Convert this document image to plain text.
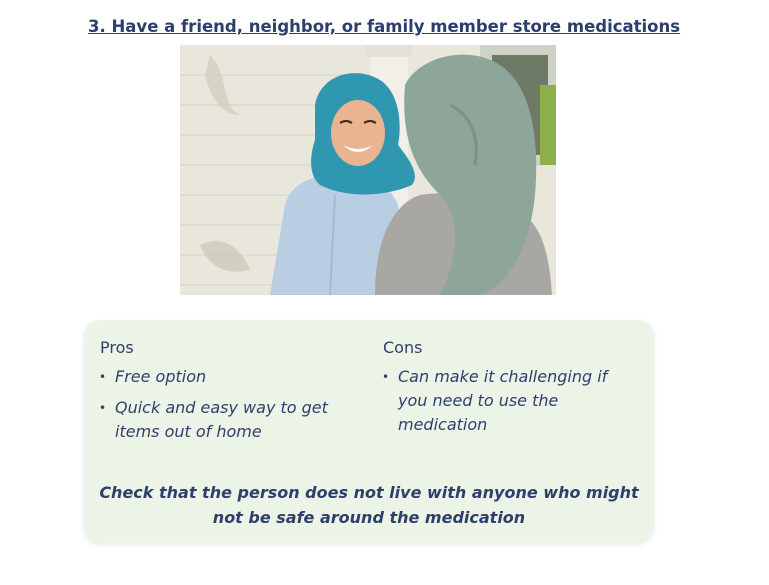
3. Have a friend, neighbor, or family member store medications

Pros

• Free option
• Quick and easy way to get items out of home

Cons

• Can make it challenging if you need to use the medication
Check that the person does not live with anyone who might not be safe around the medication
